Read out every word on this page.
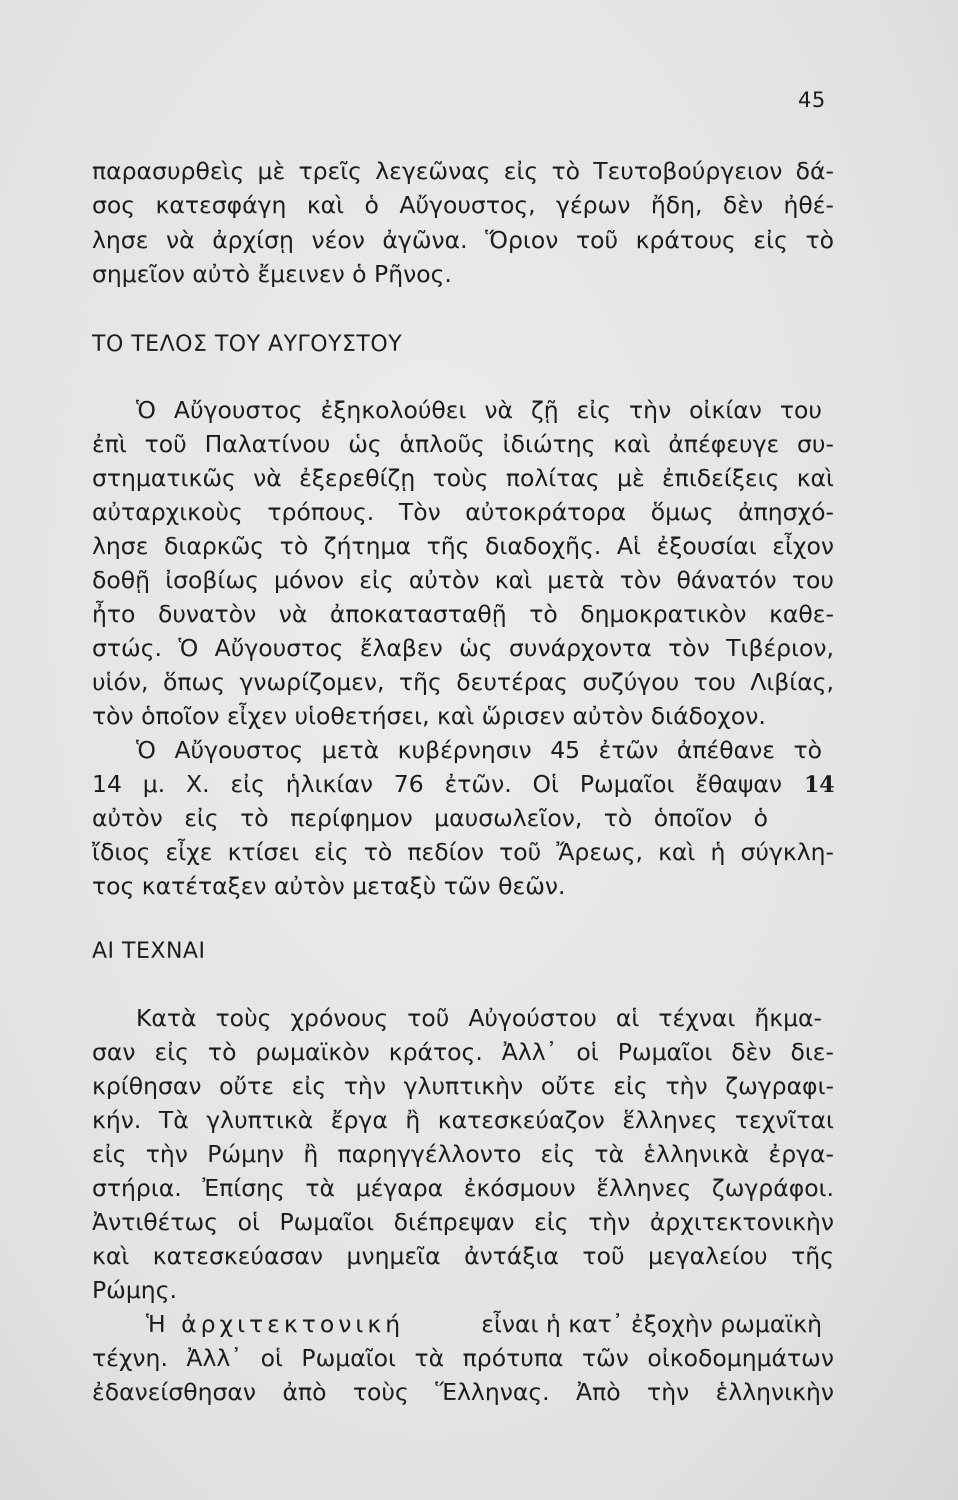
45
παρασυρθεὶς μὲ τρεῖς λεγεῶνας εἰς τὸ Τευτοβούργειον δά-
σος κατεσφάγη καὶ ὁ Αὔγουστος, γέρων ἤδη, δὲν ἠθέ-
λησε νὰ ἀρχίσῃ νέον ἀγῶνα. Ὅριον τοῦ κράτους εἰς τὸ
σημεῖον αὐτὸ ἔμεινεν ὁ Ρῆνος.
ΤΟ ΤΕΛΟΣ ΤΟΥ ΑΥΓΟΥΣΤΟΥ
Ὁ Αὔγουστος ἐξηκολούθει νὰ ζῇ εἰς τὴν οἰκίαν του
ἐπὶ τοῦ Παλατίνου ὡς ἁπλοῦς ἰδιώτης καὶ ἀπέφευγε συ-
στηματικῶς νὰ ἐξερεθίζῃ τοὺς πολίτας μὲ ἐπιδείξεις καὶ
αὐταρχικοὺς τρόπους. Τὸν αὐτοκράτορα ὅμως ἀπησχό-
λησε διαρκῶς τὸ ζήτημα τῆς διαδοχῆς. Αἱ ἐξουσίαι εἶχον
δοθῇ ἰσοβίως μόνον εἰς αὐτὸν καὶ μετὰ τὸν θάνατόν του
ἦτο δυνατὸν νὰ ἀποκατασταθῇ τὸ δημοκρατικὸν καθε-
στώς. Ὁ Αὔγουστος ἔλαβεν ὡς συνάρχοντα τὸν Τιβέριον,
υἱόν, ὅπως γνωρίζομεν, τῆς δευτέρας συζύγου του Λιβίας,
τὸν ὁποῖον εἶχεν υἱοθετήσει, καὶ ὥρισεν αὐτὸν διάδοχον.
Ὁ Αὔγουστος μετὰ κυβέρνησιν 45 ἐτῶν ἀπέθανε τὸ
14 μ. Χ. εἰς ἡλικίαν 76 ἐτῶν. Οἱ Ρωμαῖοι ἔθαψαν
αὐτὸν εἰς τὸ περίφημον μαυσωλεῖον, τὸ ὁποῖον ὁ
ἴδιος εἶχε κτίσει εἰς τὸ πεδίον τοῦ Ἄρεως, καὶ ἡ σύγκλη-
τος κατέταξεν αὐτὸν μεταξὺ τῶν θεῶν.
14
ΑΙ ΤΕΧΝΑΙ
Κατὰ τοὺς χρόνους τοῦ Αὐγούστου αἱ τέχναι ἤκμα-
σαν εἰς τὸ ρωμαϊκὸν κράτος. Ἀλλ᾽ οἱ Ρωμαῖοι δὲν διε-
κρίθησαν οὔτε εἰς τὴν γλυπτικὴν οὔτε εἰς τὴν ζωγραφι-
κήν. Τὰ γλυπτικὰ ἔργα ἢ κατεσκεύαζον ἕλληνες τεχνῖται
εἰς τὴν Ρώμην ἢ παρηγγέλλοντο εἰς τὰ ἑλληνικὰ ἐργα-
στήρια. Ἐπίσης τὰ μέγαρα ἐκόσμουν ἕλληνες ζωγράφοι.
Ἀντιθέτως οἱ Ρωμαῖοι διέπρεψαν εἰς τὴν ἀρχιτεκτονικὴν
καὶ κατεσκεύασαν μνημεῖα ἀντάξια τοῦ μεγαλείου τῆς
Ρώμης.
Ἡ ἀρχιτεκτονική	εἶναι ἡ κατ᾽ ἐξοχὴν ρωμαϊκὴ
τέχνη. Ἀλλ᾽ οἱ Ρωμαῖοι τὰ πρότυπα τῶν οἰκοδομημάτων
ἐδανείσθησαν ἀπὸ τοὺς Ἕλληνας. Ἀπὸ τὴν ἑλληνικὴν
